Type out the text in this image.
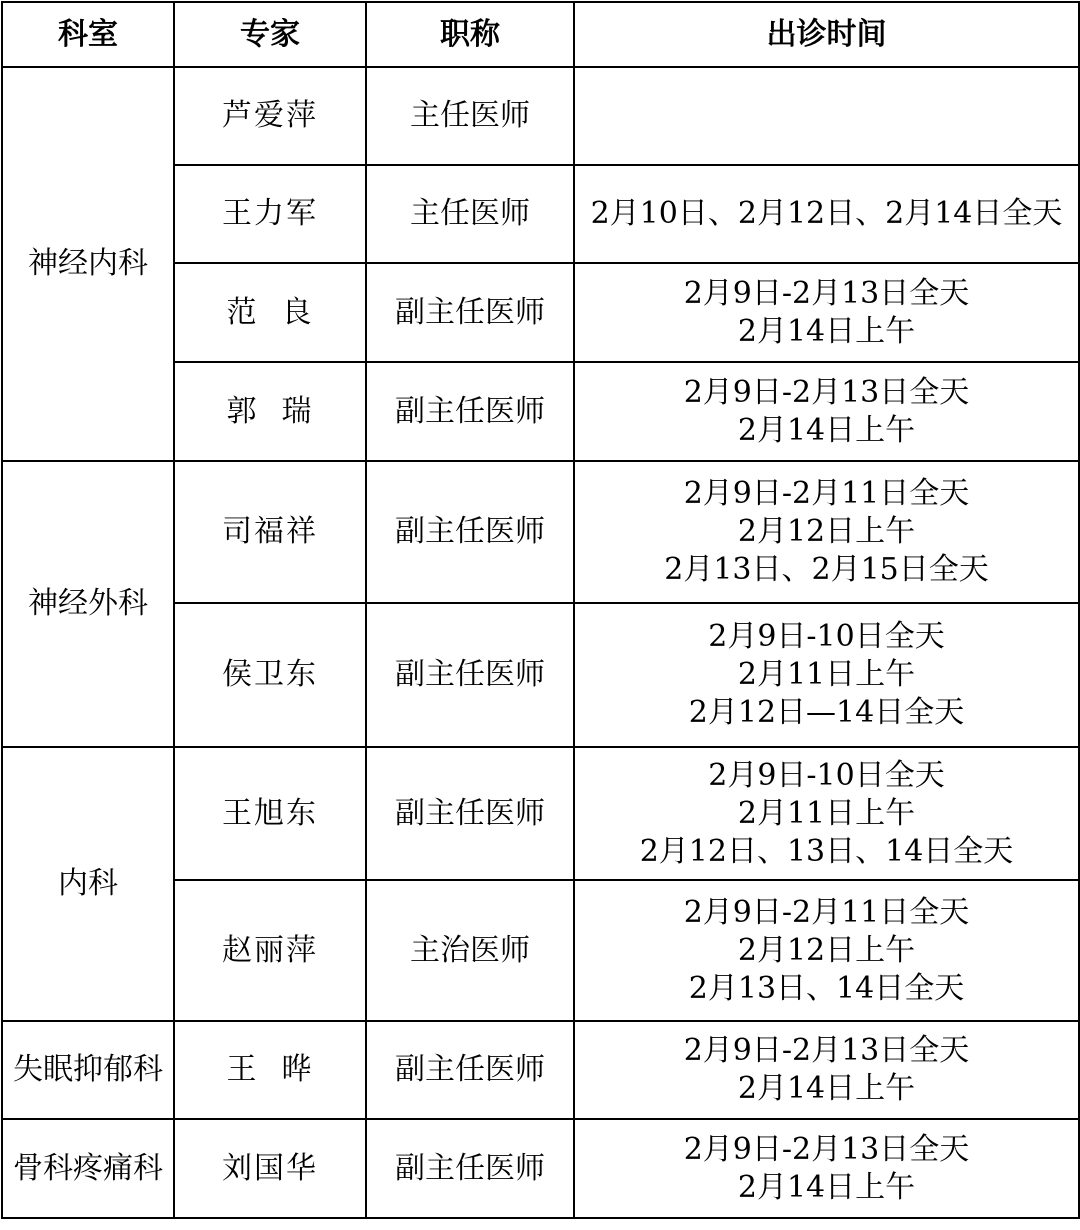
科室	专家	职称	出诊时间
神经内科	芦爱萍	主任医师	
	王力军	主任医师	2月10日、2月12日、2月14日全天

	范  良	副主任医师	2月9日-2月13日全天
2月14日上午

	郭  瑞	副主任医师	2月9日-2月13日全天
2月14日上午

神经外科	司福祥	副主任医师	2月9日-2月11日全天
2月12日上午
2月13日、2月15日全天

	侯卫东	副主任医师	2月9日-10日全天
2月11日上午
2月12日—14日全天

内科	王旭东	副主任医师	2月9日-10日全天
2月11日上午
2月12日、13日、14日全天

	赵丽萍	主治医师	2月9日-2月11日全天
2月12日上午
2月13日、14日全天

失眠抑郁科	王  晔	副主任医师	2月9日-2月13日全天
2月14日上午

骨科疼痛科	刘国华	副主任医师	2月9日-2月13日全天
2月14日上午
